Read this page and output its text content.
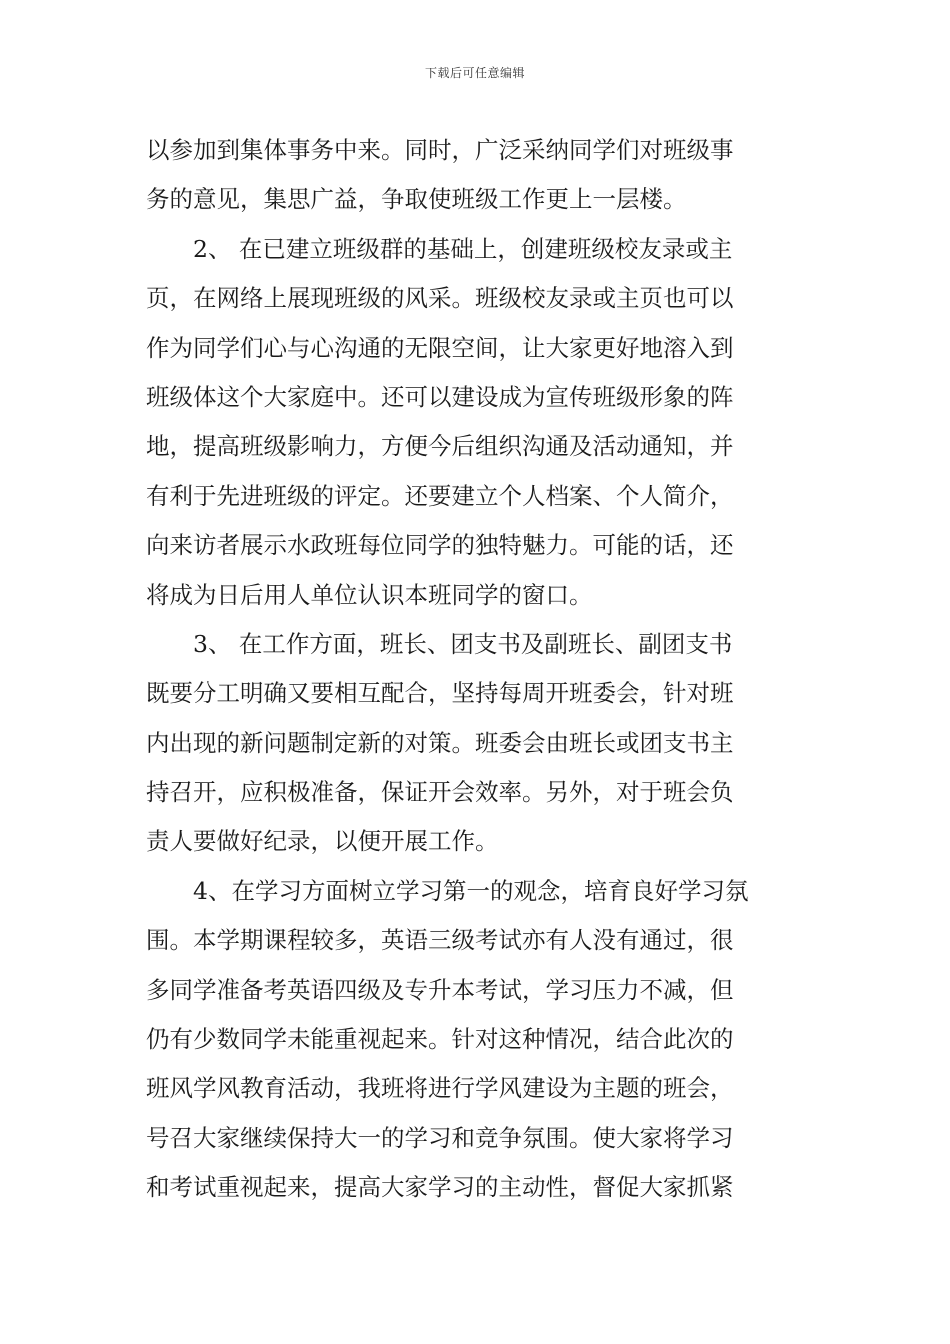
下载后可任意编辑
以参加到集体事务中来。同时，广泛采纳同学们对班级事
务的意见，集思广益，争取使班级工作更上一层楼。
2、 在已建立班级群的基础上，创建班级校友录或主
页，在网络上展现班级的风采。班级校友录或主页也可以
作为同学们心与心沟通的无限空间，让大家更好地溶入到
班级体这个大家庭中。还可以建设成为宣传班级形象的阵
地，提高班级影响力，方便今后组织沟通及活动通知，并
有利于先进班级的评定。还要建立个人档案、个人简介，
向来访者展示水政班每位同学的独特魅力。可能的话，还
将成为日后用人单位认识本班同学的窗口。
3、 在工作方面，班长、团支书及副班长、副团支书
既要分工明确又要相互配合，坚持每周开班委会，针对班
内出现的新问题制定新的对策。班委会由班长或团支书主
持召开，应积极准备，保证开会效率。另外，对于班会负
责人要做好纪录，以便开展工作。
4、在学习方面树立学习第一的观念，培育良好学习氛
围。本学期课程较多，英语三级考试亦有人没有通过，很
多同学准备考英语四级及专升本考试，学习压力不减，但
仍有少数同学未能重视起来。针对这种情况，结合此次的
班风学风教育活动，我班将进行学风建设为主题的班会，
号召大家继续保持大一的学习和竞争氛围。使大家将学习
和考试重视起来，提高大家学习的主动性，督促大家抓紧
